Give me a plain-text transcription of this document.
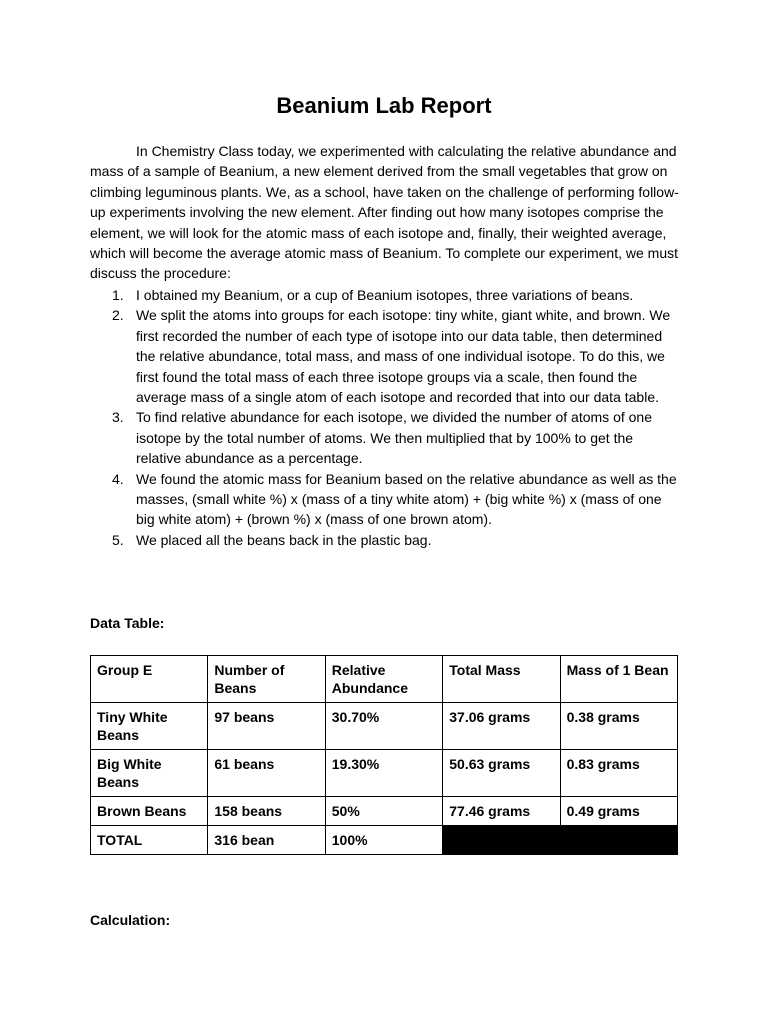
Beanium Lab Report

In Chemistry Class today, we experimented with calculating the relative abundance and mass of a sample of Beanium, a new element derived from the small vegetables that grow on climbing leguminous plants. We, as a school, have taken on the challenge of performing follow-up experiments involving the new element. After finding out how many isotopes comprise the element, we will look for the atomic mass of each isotope and, finally, their weighted average, which will become the average atomic mass of Beanium. To complete our experiment, we must discuss the procedure:

1. I obtained my Beanium, or a cup of Beanium isotopes, three variations of beans.
2. We split the atoms into groups for each isotope: tiny white, giant white, and brown. We first recorded the number of each type of isotope into our data table, then determined the relative abundance, total mass, and mass of one individual isotope. To do this, we first found the total mass of each three isotope groups via a scale, then found the average mass of a single atom of each isotope and recorded that into our data table.
3. To find relative abundance for each isotope, we divided the number of atoms of one isotope by the total number of atoms. We then multiplied that by 100% to get the relative abundance as a percentage.
4. We found the atomic mass for Beanium based on the relative abundance as well as the masses, (small white %) x (mass of a tiny white atom) + (big white %) x (mass of one big white atom) + (brown %) x (mass of one brown atom).
5. We placed all the beans back in the plastic bag.
Data Table:
Group E	Number of Beans	Relative Abundance	Total Mass	Mass of 1 Bean
Tiny White Beans	97 beans	30.70%	37.06 grams	0.38 grams
Big White Beans	61 beans	19.30%	50.63 grams	0.83 grams
Brown Beans	158 beans	50%	77.46 grams	0.49 grams
TOTAL	316 bean	100%		
Calculation:
